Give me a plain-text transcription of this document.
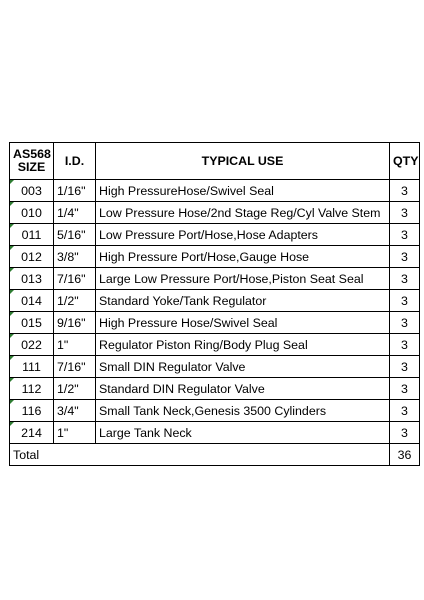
AS568
SIZE	I.D.	TYPICAL USE	QTY
003	1/16"	High PressureHose/Swivel Seal	3
010	1/4"	Low Pressure Hose/2nd Stage Reg/Cyl Valve Stem	3
011	5/16"	Low Pressure Port/Hose,Hose Adapters	3
012	3/8"	High Pressure Port/Hose,Gauge Hose	3
013	7/16"	Large Low Pressure Port/Hose,Piston Seat Seal	3
014	1/2"	Standard Yoke/Tank Regulator	3
015	9/16"	High Pressure Hose/Swivel Seal	3
022	1"	Regulator Piston Ring/Body Plug Seal	3
111	7/16"	Small DIN Regulator Valve	3
112	1/2"	Standard DIN Regulator Valve	3
116	3/4"	Small Tank Neck,Genesis 3500 Cylinders	3
214	1"	Large Tank Neck	3
Total			36
